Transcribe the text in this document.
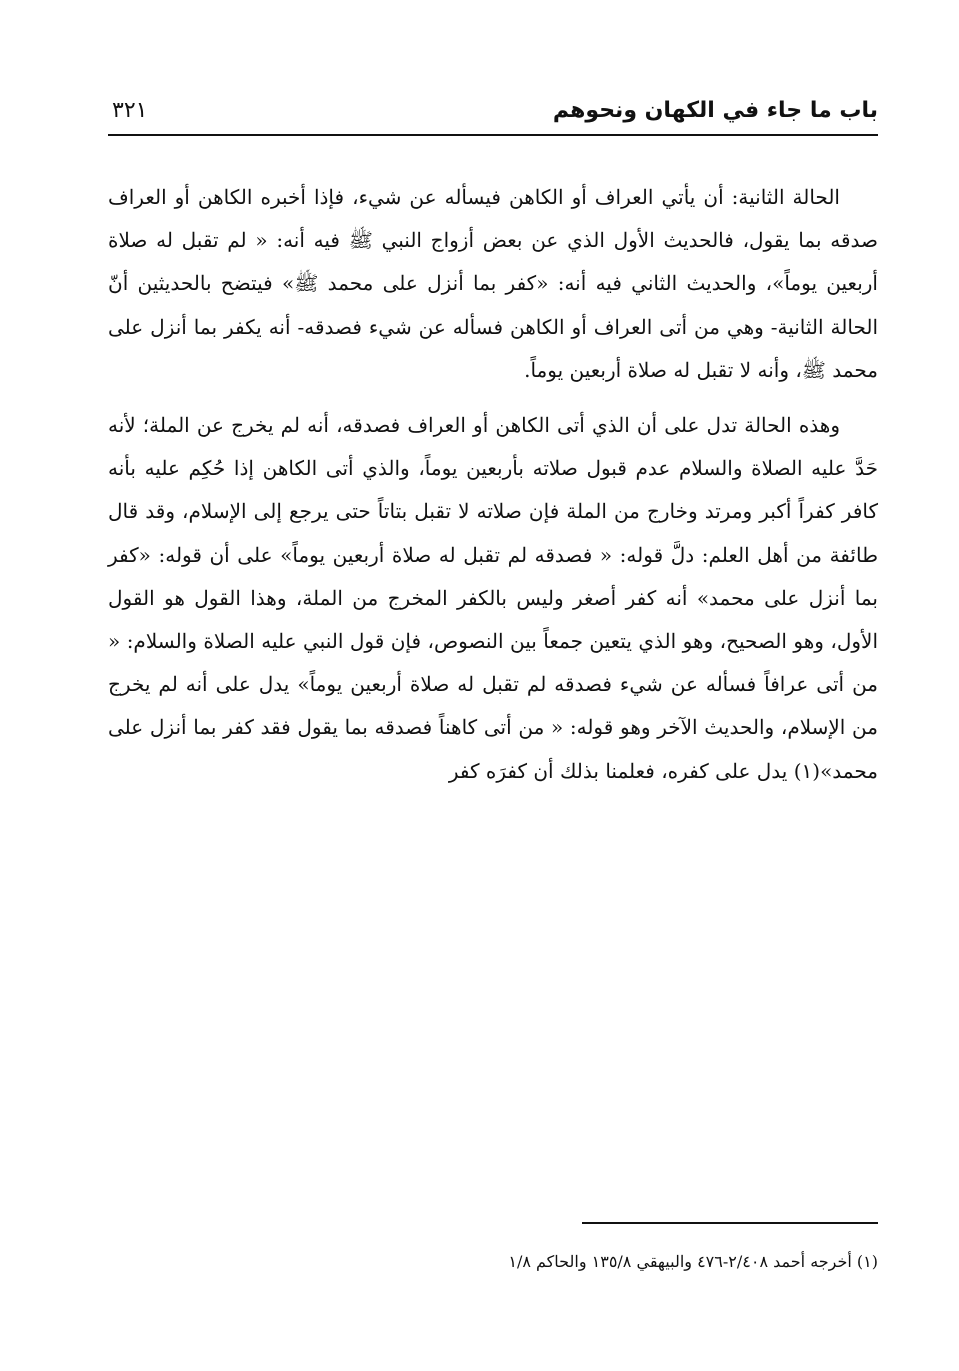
باب ما جاء في الكهان ونحوهم
٣٢١

الحالة الثانية: أن يأتي العراف أو الكاهن فيسأله عن شيء، فإذا أخبره الكاهن أو العراف صدقه بما يقول، فالحديث الأول الذي عن بعض أزواج النبي ﷺ فيه أنه: « لم تقبل له صلاة أربعين يوماً»، والحديث الثاني فيه أنه: «كفر بما أنزل على محمد ﷺ» فيتضح بالحديثين أنّ الحالة الثانية- وهي من أتى العراف أو الكاهن فسأله عن شيء فصدقه- أنه يكفر بما أنزل على محمد ﷺ، وأنه لا تقبل له صلاة أربعين يوماً.

وهذه الحالة تدل على أن الذي أتى الكاهن أو العراف فصدقه، أنه لم يخرج عن الملة؛ لأنه حَدَّ عليه الصلاة والسلام عدم قبول صلاته بأربعين يوماً، والذي أتى الكاهن إذا حُكِم عليه بأنه كافر كفراً أكبر ومرتد وخارج من الملة فإن صلاته لا تقبل بتاتاً حتى يرجع إلى الإسلام، وقد قال طائفة من أهل العلم: دلَّ قوله: « فصدقه لم تقبل له صلاة أربعين يوماً» على أن قوله: «كفر بما أنزل على محمد» أنه كفر أصغر وليس بالكفر المخرج من الملة، وهذا القول هو القول الأول، وهو الصحيح، وهو الذي يتعين جمعاً بين النصوص، فإن قول النبي عليه الصلاة والسلام: « من أتى عرافاً فسأله عن شيء فصدقه لم تقبل له صلاة أربعين يوماً» يدل على أنه لم يخرج من الإسلام، والحديث الآخر وهو قوله: « من أتى كاهناً فصدقه بما يقول فقد كفر بما أنزل على محمد»(١) يدل على كفره، فعلمنا بذلك أن كفرَه كفر

(١) أخرجه أحمد ٢/٤٠٨-٤٧٦ والبيهقي ١٣٥/٨ والحاكم ١/٨
